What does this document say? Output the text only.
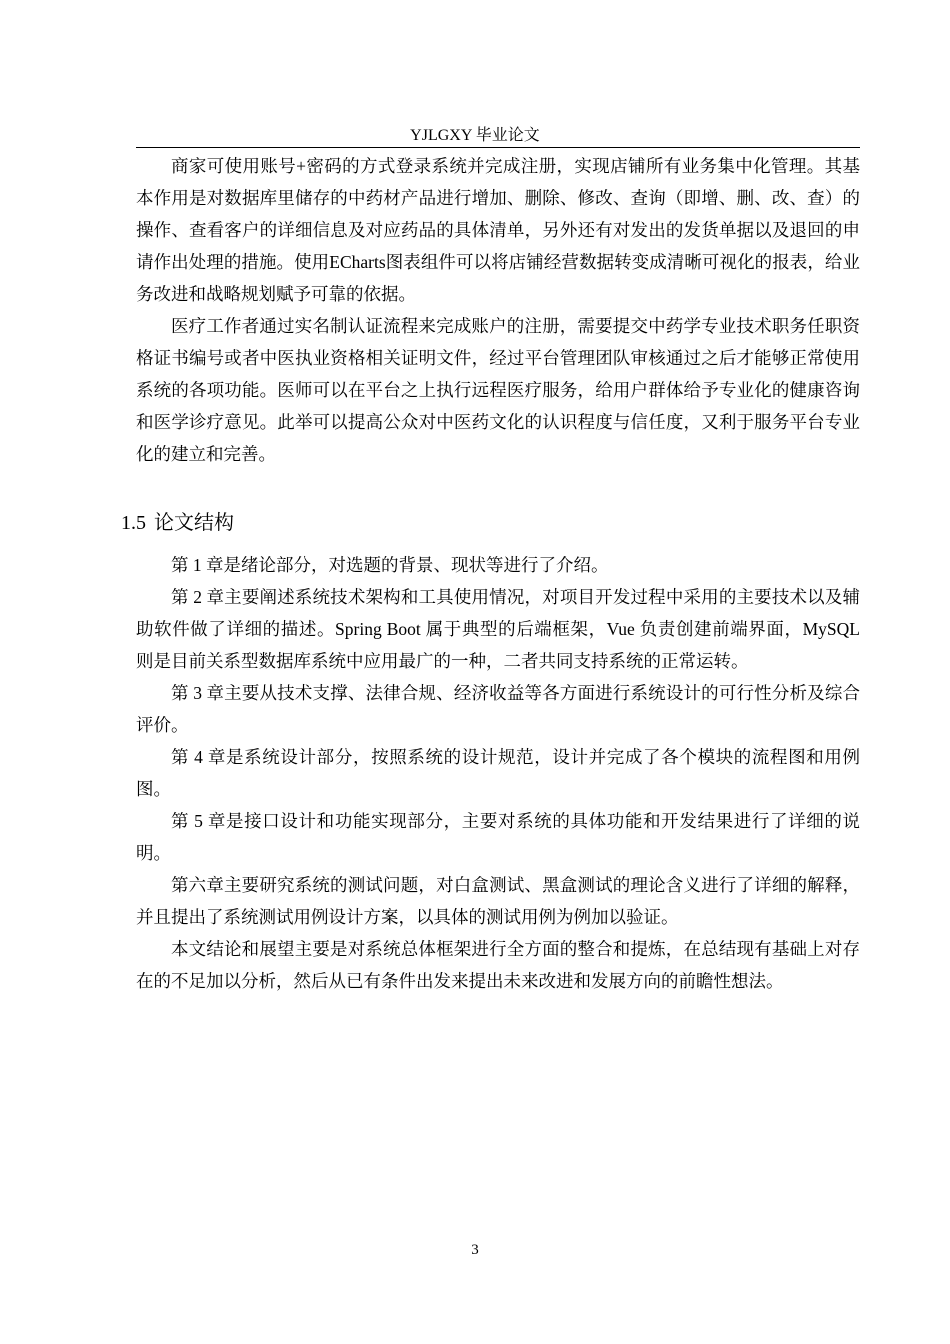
YJLGXY 毕业论文

商家可使用账号+密码的方式登录系统并完成注册，实现店铺所有业务集中化管理。其基本作用是对数据库里储存的中药材产品进行增加、删除、修改、查询（即增、删、改、查）的操作、查看客户的详细信息及对应药品的具体清单，另外还有对发出的发货单据以及退回的申请作出处理的措施。使用ECharts图表组件可以将店铺经营数据转变成清晰可视化的报表，给业务改进和战略规划赋予可靠的依据。

医疗工作者通过实名制认证流程来完成账户的注册，需要提交中药学专业技术职务任职资格证书编号或者中医执业资格相关证明文件，经过平台管理团队审核通过之后才能够正常使用系统的各项功能。医师可以在平台之上执行远程医疗服务，给用户群体给予专业化的健康咨询和医学诊疗意见。此举可以提高公众对中医药文化的认识程度与信任度，又利于服务平台专业化的建立和完善。

1.5 论文结构

第 1 章是绪论部分，对选题的背景、现状等进行了介绍。

第 2 章主要阐述系统技术架构和工具使用情况，对项目开发过程中采用的主要技术以及辅助软件做了详细的描述。Spring Boot 属于典型的后端框架，Vue 负责创建前端界面，MySQL 则是目前关系型数据库系统中应用最广的一种，二者共同支持系统的正常运转。

第 3 章主要从技术支撑、法律合规、经济收益等各方面进行系统设计的可行性分析及综合评价。

第 4 章是系统设计部分，按照系统的设计规范，设计并完成了各个模块的流程图和用例图。

第 5 章是接口设计和功能实现部分，主要对系统的具体功能和开发结果进行了详细的说明。

第六章主要研究系统的测试问题，对白盒测试、黑盒测试的理论含义进行了详细的解释，并且提出了系统测试用例设计方案，以具体的测试用例为例加以验证。

本文结论和展望主要是对系统总体框架进行全方面的整合和提炼，在总结现有基础上对存在的不足加以分析，然后从已有条件出发来提出未来改进和发展方向的前瞻性想法。

3
